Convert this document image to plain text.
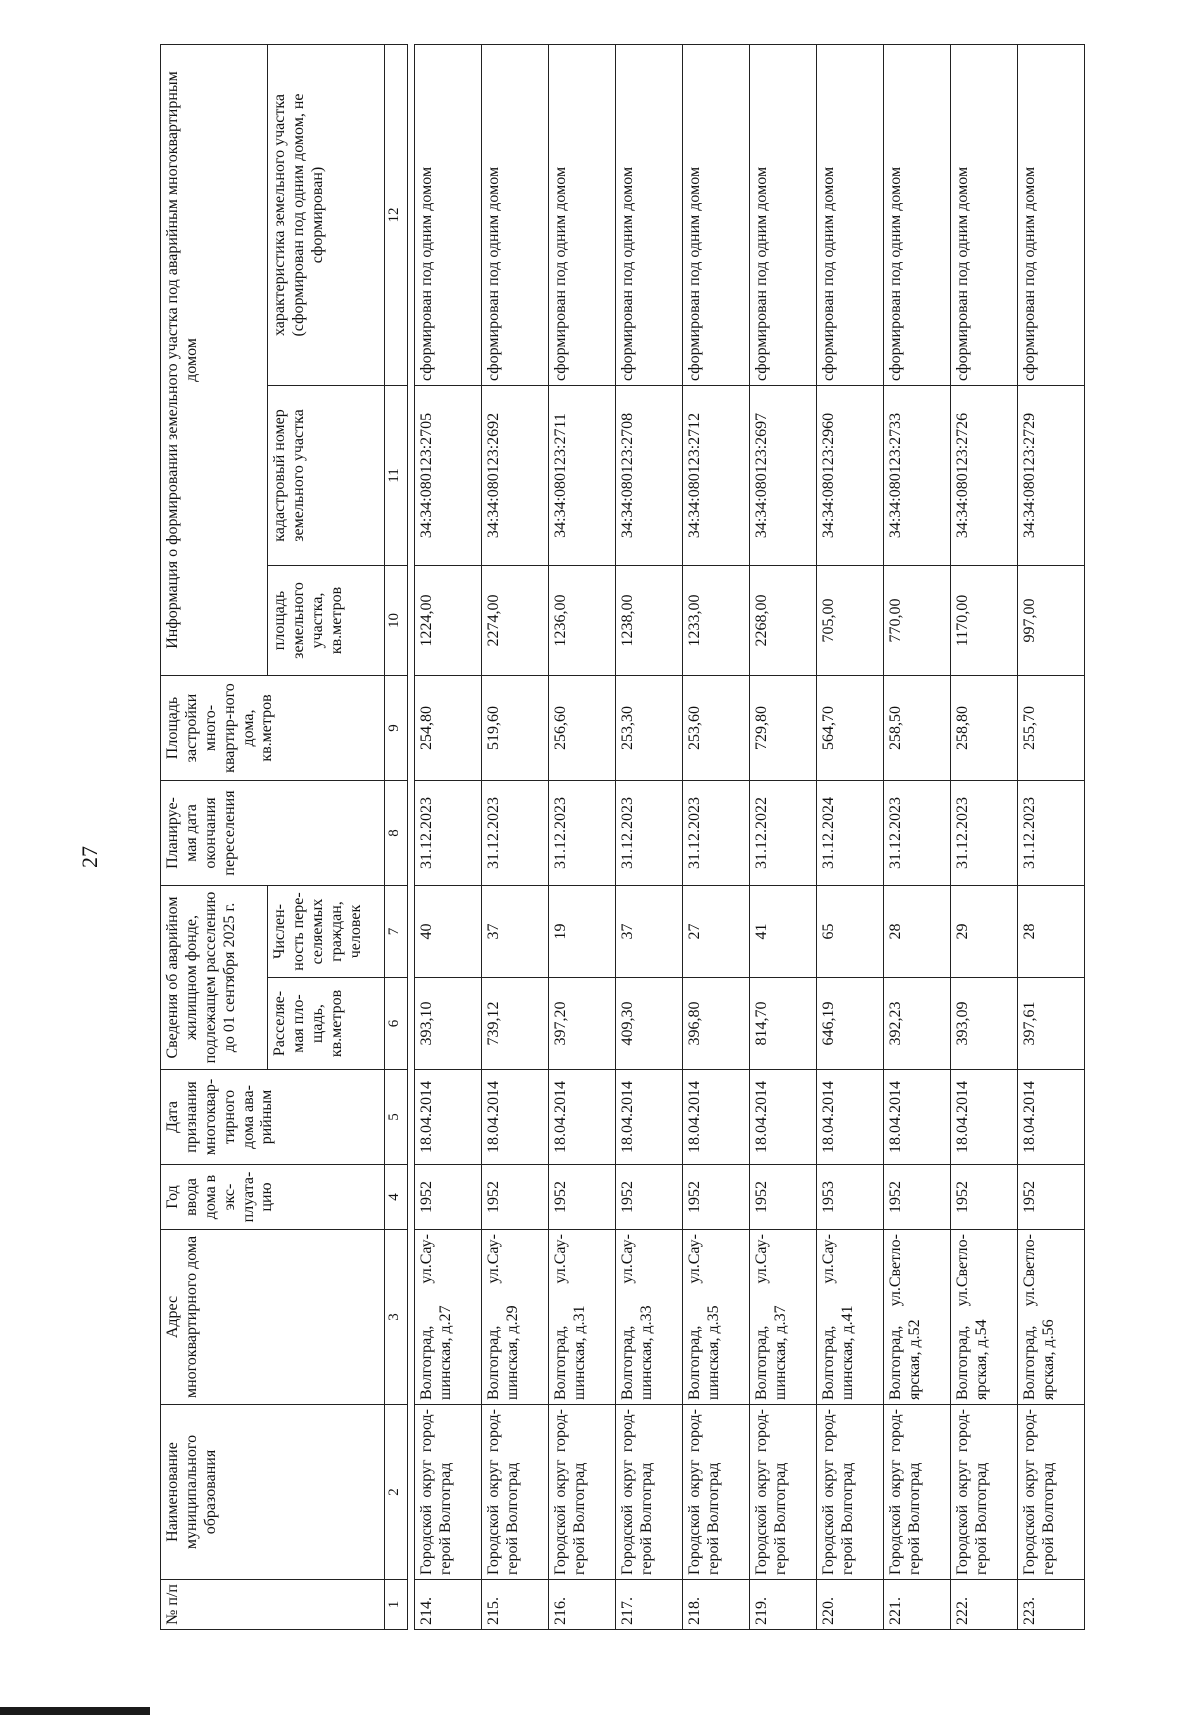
27
№ п/п	Наименование муниципального образования	Адрес многоквартирного дома	Год ввода дома в экс-плуата-цию	Дата признания многоквар-тирного дома ава-рийным	Сведения об аварийном жилищном фонде, подлежащем расселению до 01 сентября 2025 г.		Планируе-мая дата окончания переселения	Площадь застройки много-квартир-ного дома, кв.метров	Информация о формировании земельного участка под аварийным многоквартирным домом		
					Расселяе-мая пло-щадь, кв.метров	Числен-ность пере-селяемых граждан, человек			площадь земельного участка, кв.метров	кадастровый номер земельного участка	характеристика земельного участка (сформирован под одним домом, не сформирован)
1	2	3	4	5	6	7	8	9	10	11	12

214.	Городской округ город-герой Волгоград	Волгоград, ул.Сау-шинская, д.27	1952	18.04.2014	393,10	40	31.12.2023	254,80	1224,00	34:34:080123:2705	сформирован под одним домом
215.	Городской округ город-герой Волгоград	Волгоград, ул.Сау-шинская, д.29	1952	18.04.2014	739,12	37	31.12.2023	519,60	2274,00	34:34:080123:2692	сформирован под одним домом
216.	Городской округ город-герой Волгоград	Волгоград, ул.Сау-шинская, д.31	1952	18.04.2014	397,20	19	31.12.2023	256,60	1236,00	34:34:080123:2711	сформирован под одним домом
217.	Городской округ город-герой Волгоград	Волгоград, ул.Сау-шинская, д.33	1952	18.04.2014	409,30	37	31.12.2023	253,30	1238,00	34:34:080123:2708	сформирован под одним домом
218.	Городской округ город-герой Волгоград	Волгоград, ул.Сау-шинская, д.35	1952	18.04.2014	396,80	27	31.12.2023	253,60	1233,00	34:34:080123:2712	сформирован под одним домом
219.	Городской округ город-герой Волгоград	Волгоград, ул.Сау-шинская, д.37	1952	18.04.2014	814,70	41	31.12.2022	729,80	2268,00	34:34:080123:2697	сформирован под одним домом
220.	Городской округ город-герой Волгоград	Волгоград, ул.Сау-шинская, д.41	1953	18.04.2014	646,19	65	31.12.2024	564,70	705,00	34:34:080123:2960	сформирован под одним домом
221.	Городской округ город-герой Волгоград	Волгоград, ул.Светло-ярская, д.52	1952	18.04.2014	392,23	28	31.12.2023	258,50	770,00	34:34:080123:2733	сформирован под одним домом
222.	Городской округ город-герой Волгоград	Волгоград, ул.Светло-ярская, д.54	1952	18.04.2014	393,09	29	31.12.2023	258,80	1170,00	34:34:080123:2726	сформирован под одним домом
223.	Городской округ город-герой Волгоград	Волгоград, ул.Светло-ярская, д.56	1952	18.04.2014	397,61	28	31.12.2023	255,70	997,00	34:34:080123:2729	сформирован под одним домом
